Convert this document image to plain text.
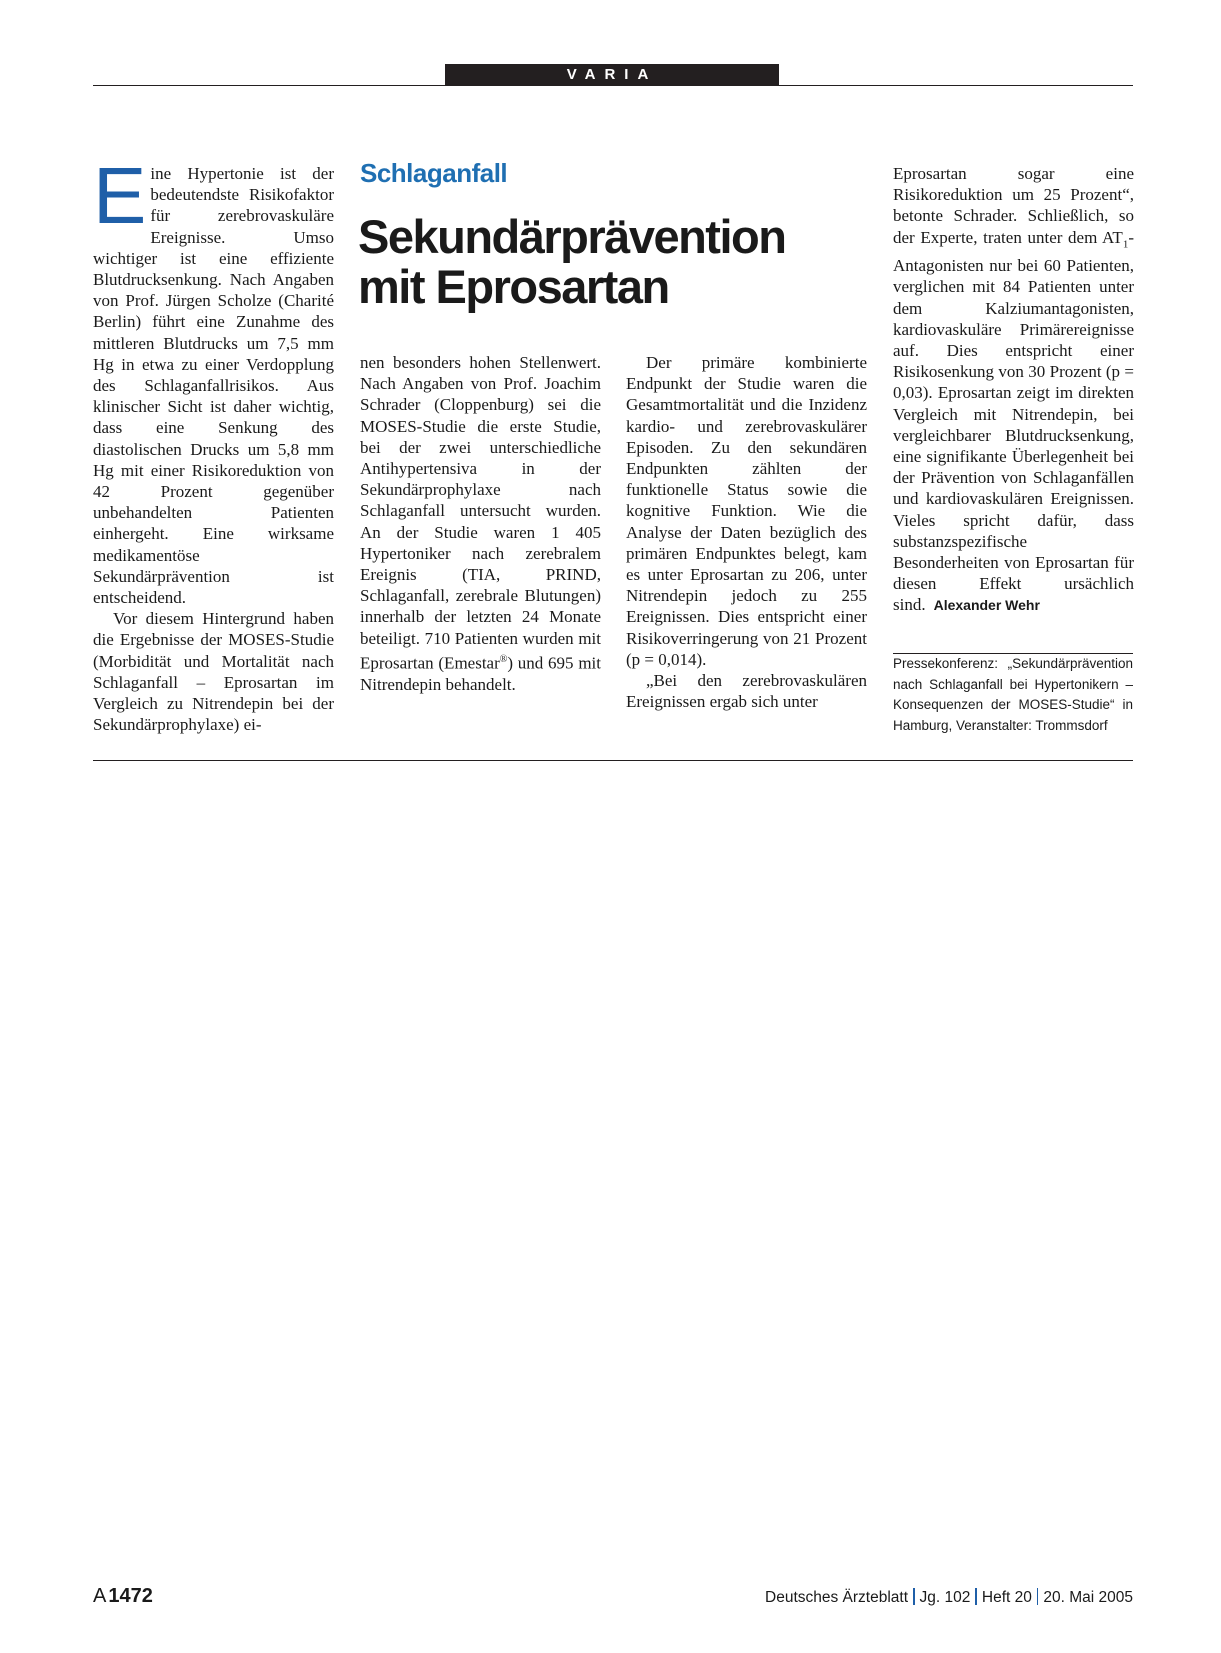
VARIA

Eine Hypertonie ist der bedeutendste Risikofaktor für zerebrovaskuläre Ereignisse. Umso wichtiger ist eine effiziente Blutdrucksenkung. Nach Angaben von Prof. Jürgen Scholze (Charité Berlin) führt eine Zunahme des mittleren Blutdrucks um 7,5 mm Hg in etwa zu einer Verdopplung des Schlaganfallrisikos. Aus klinischer Sicht ist daher wichtig, dass eine Senkung des diastolischen Drucks um 5,8 mm Hg mit einer Risikoreduktion von 42 Prozent gegenüber unbehandelten Patienten einhergeht. Eine wirksame medikamentöse Sekundärprävention ist entscheidend.

Vor diesem Hintergrund haben die Ergebnisse der MOSES-Studie (Morbidität und Mortalität nach Schlaganfall – Eprosartan im Vergleich zu Nitrendepin bei der Sekundärprophylaxe) ei-

Schlaganfall
Sekundärprävention
mit Eprosartan

nen besonders hohen Stellenwert. Nach Angaben von Prof. Joachim Schrader (Cloppenburg) sei die MOSES-Studie die erste Studie, bei der zwei unterschiedliche Antihypertensiva in der Sekundärprophylaxe nach Schlaganfall untersucht wurden. An der Studie waren 1 405 Hypertoniker nach zerebralem Ereignis (TIA, PRIND, Schlaganfall, zerebrale Blutungen) innerhalb der letzten 24 Monate beteiligt. 710 Patienten wurden mit Eprosartan (Emestar®) und 695 mit Nitrendepin behandelt.

Der primäre kombinierte Endpunkt der Studie waren die Gesamtmortalität und die Inzidenz kardio- und zerebrovaskulärer Episoden. Zu den sekundären Endpunkten zählten der funktionelle Status sowie die kognitive Funktion. Wie die Analyse der Daten bezüglich des primären Endpunktes belegt, kam es unter Eprosartan zu 206, unter Nitrendepin jedoch zu 255 Ereignissen. Dies entspricht einer Risikoverringerung von 21 Prozent (p = 0,014).

„Bei den zerebrovaskulären Ereignissen ergab sich unter

Eprosartan sogar eine Risikoreduktion um 25 Prozent“, betonte Schrader. Schließlich, so der Experte, traten unter dem $AT_1$-Antagonisten nur bei 60 Patienten, verglichen mit 84 Patienten unter dem Kalziumantagonisten, kardiovaskuläre Primärereignisse auf. Dies entspricht einer Risikosenkung von 30 Prozent (p = 0,03). Eprosartan zeigt im direkten Vergleich mit Nitrendepin, bei vergleichbarer Blutdrucksenkung, eine signifikante Überlegenheit bei der Prävention von Schlaganfällen und kardiovaskulären Ereignissen. Vieles spricht dafür, dass substanzspezifische Besonderheiten von Eprosartan für diesen Effekt ursächlich sind. Alexander Wehr

Pressekonferenz: „Sekundärprävention nach Schlaganfall bei Hypertonikern – Konsequenzen der MOSES-Studie“ in Hamburg, Veranstalter: Trommsdorf
A 1472	Deutsches Ärzteblatt Jg. 102 Heft 20 20. Mai 2005
